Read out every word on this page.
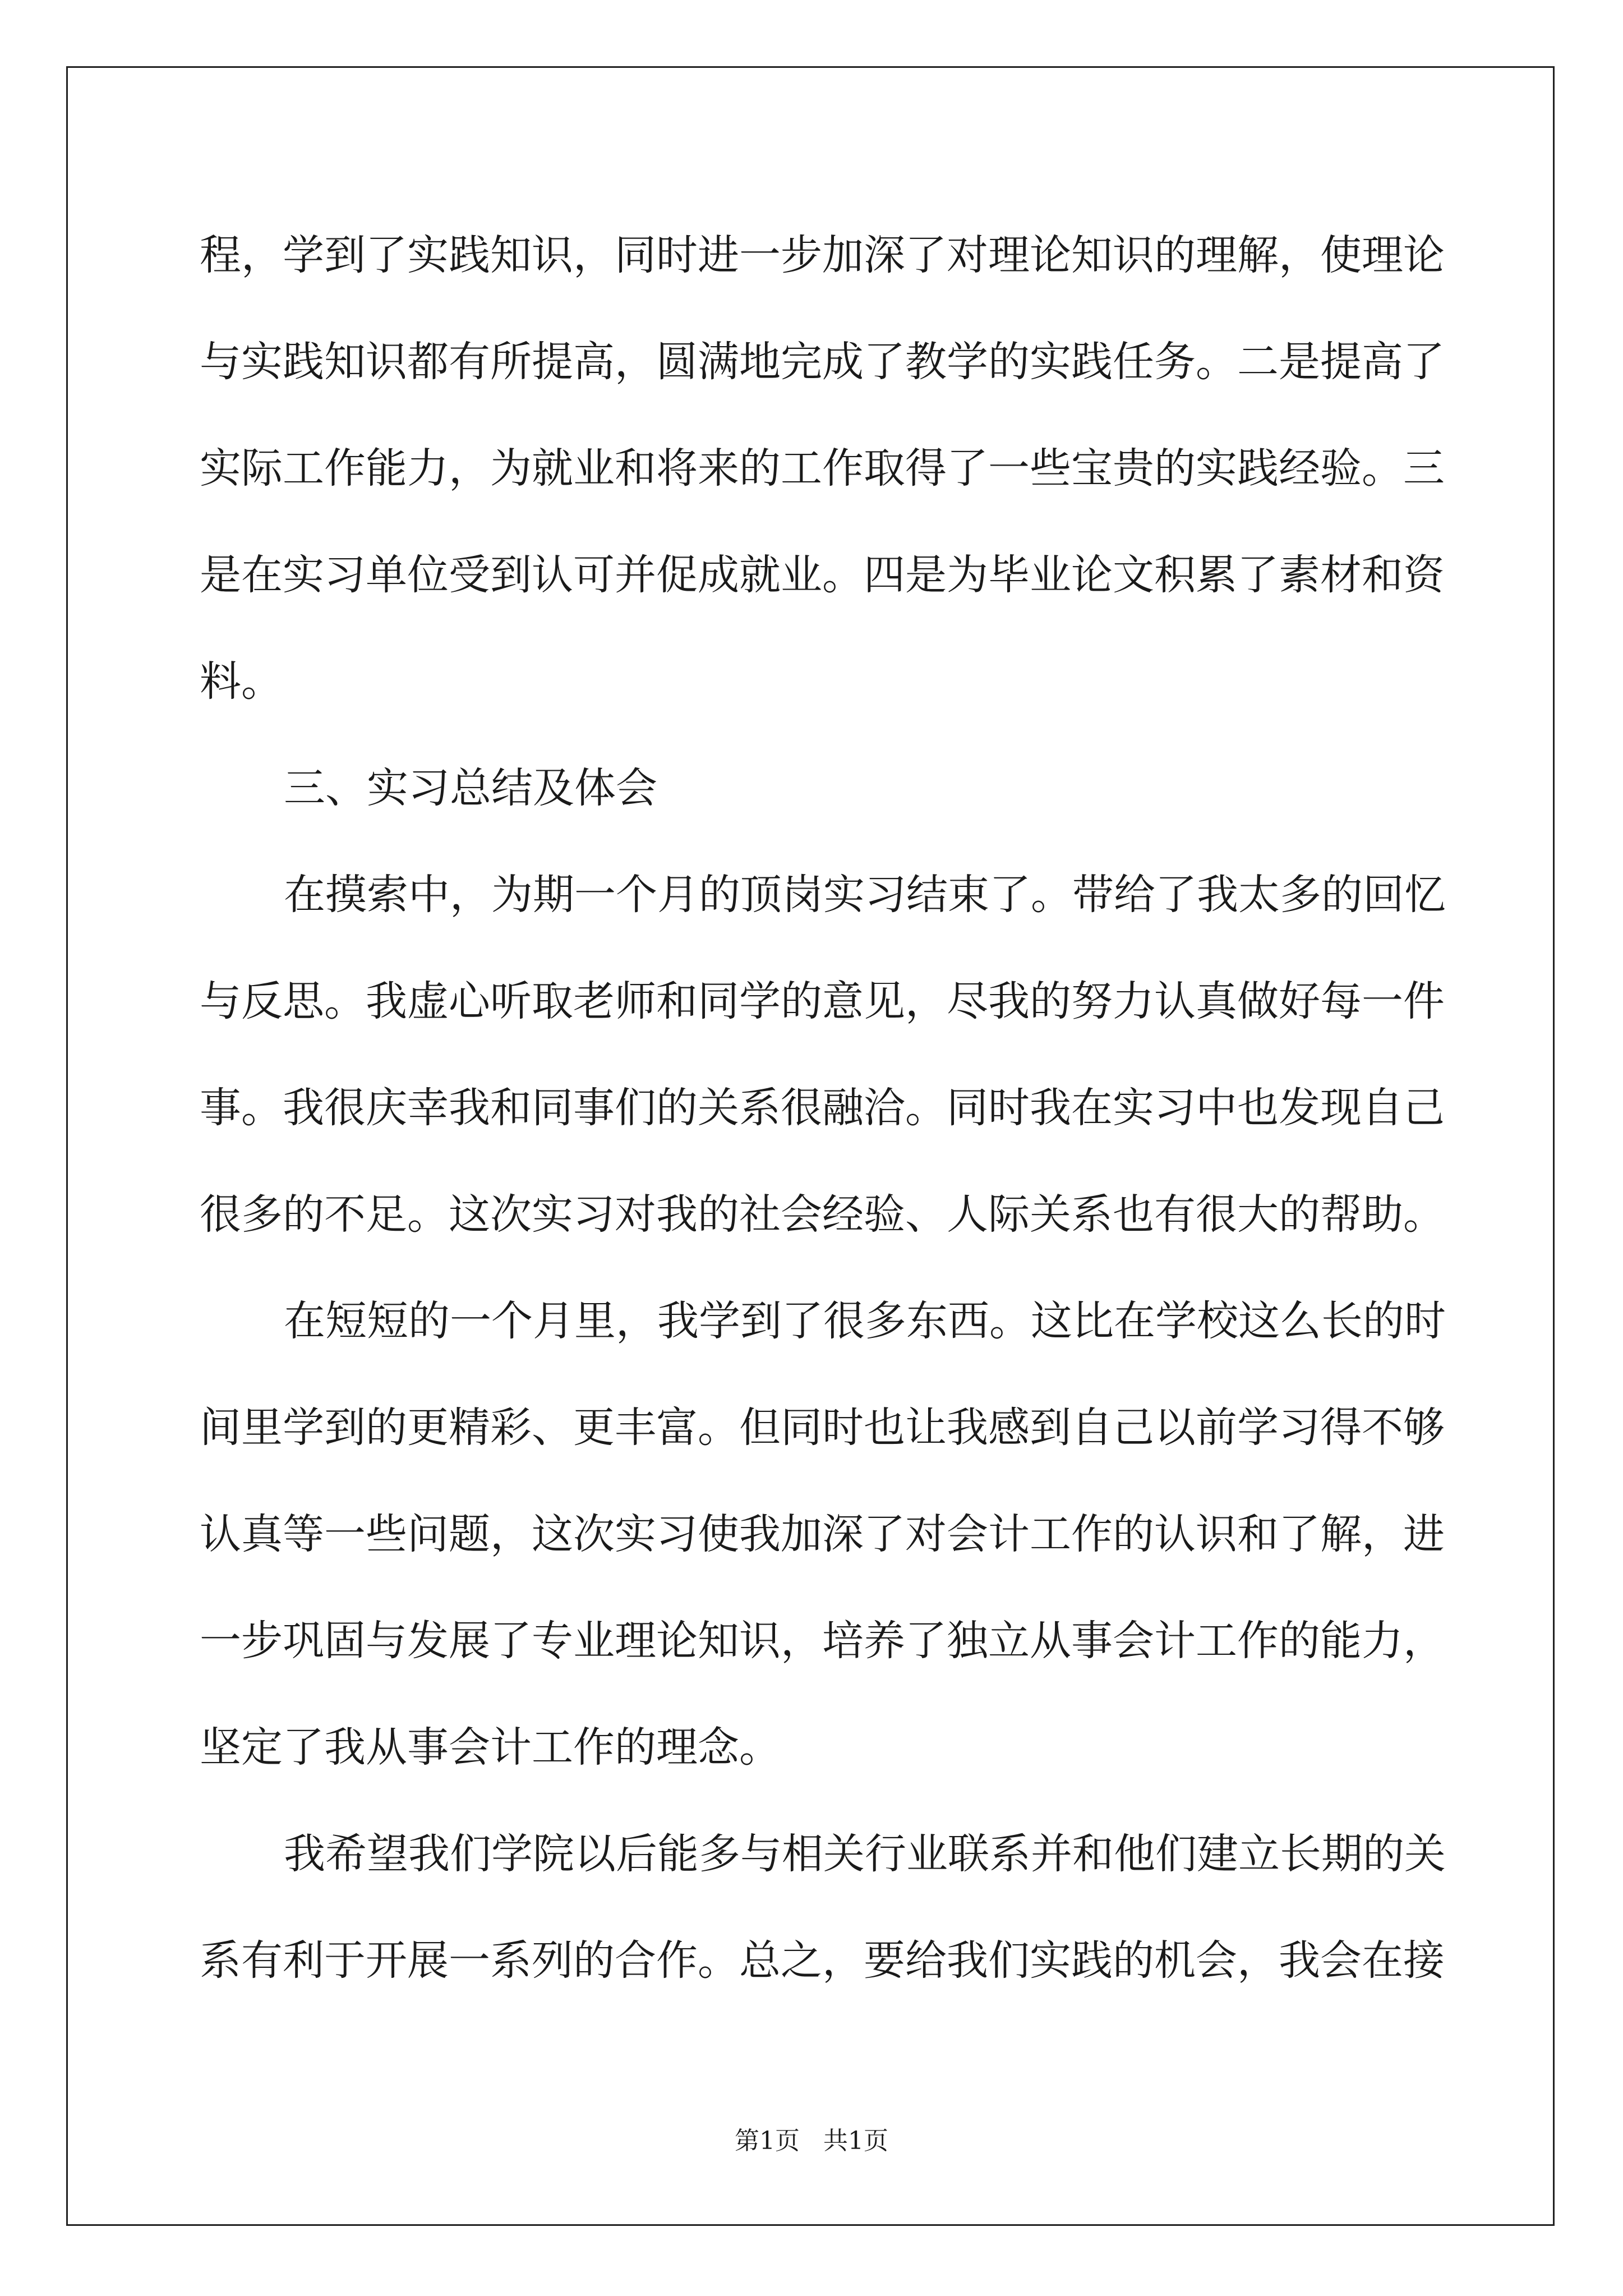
程，学到了实践知识，同时进一步加深了对理论知识的理解，使理论
与实践知识都有所提高，圆满地完成了教学的实践任务。二是提高了
实际工作能力，为就业和将来的工作取得了一些宝贵的实践经验。三
是在实习单位受到认可并促成就业。四是为毕业论文积累了素材和资
料。
三、实习总结及体会
在摸索中，为期一个月的顶岗实习结束了。带给了我太多的回忆
与反思。我虚心听取老师和同学的意见，尽我的努力认真做好每一件
事。我很庆幸我和同事们的关系很融洽。同时我在实习中也发现自己
很多的不足。这次实习对我的社会经验、人际关系也有很大的帮助。
在短短的一个月里，我学到了很多东西。这比在学校这么长的时
间里学到的更精彩、更丰富。但同时也让我感到自己以前学习得不够
认真等一些问题，这次实习使我加深了对会计工作的认识和了解，进
一步巩固与发展了专业理论知识，培养了独立从事会计工作的能力，
坚定了我从事会计工作的理念。
我希望我们学院以后能多与相关行业联系并和他们建立长期的关
系有利于开展一系列的合作。总之，要给我们实践的机会，我会在接
第1页   共1页
